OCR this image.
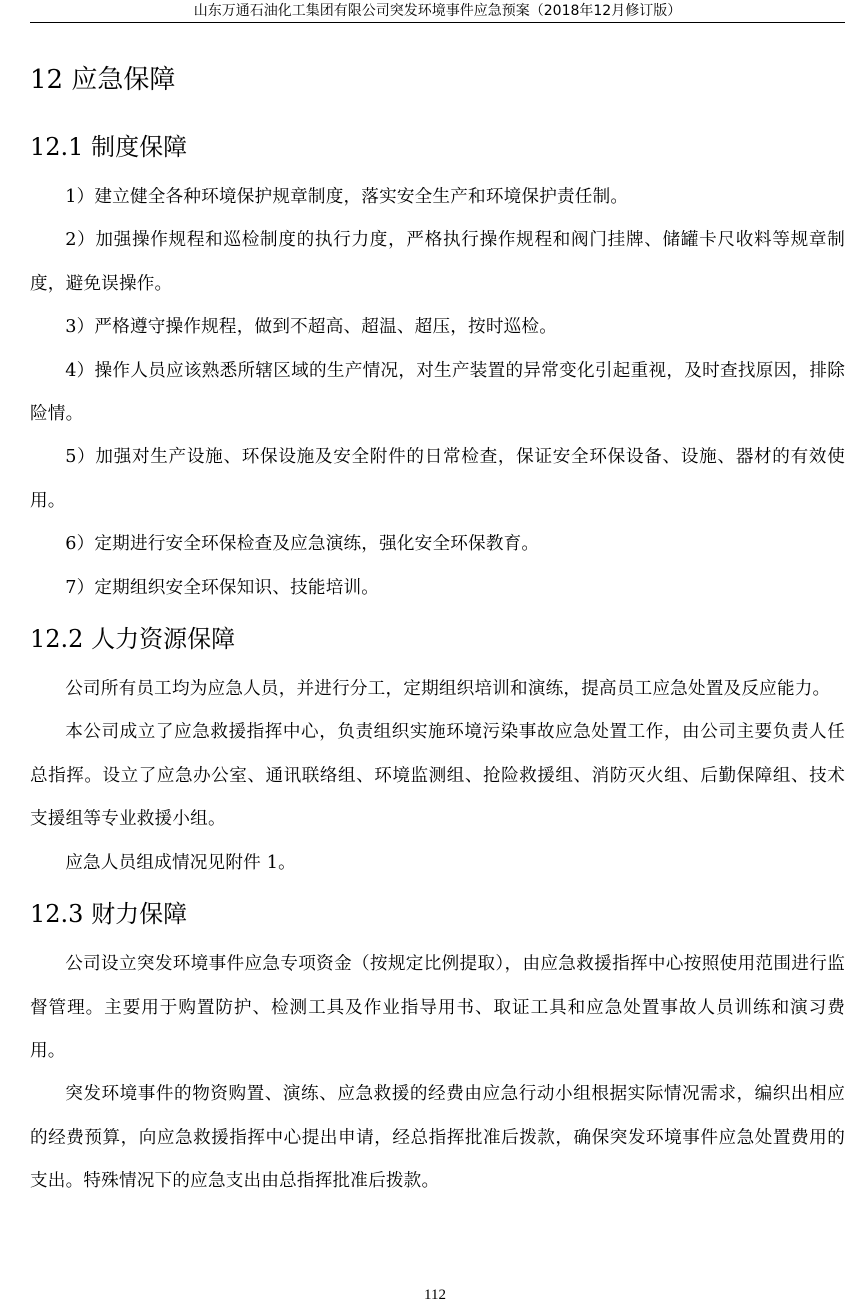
山东万通石油化工集团有限公司突发环境事件应急预案（2018年12月修订版）
12 应急保障
12.1 制度保障

1）建立健全各种环境保护规章制度，落实安全生产和环境保护责任制。

2）加强操作规程和巡检制度的执行力度，严格执行操作规程和阀门挂牌、储罐卡尺收料等规章制度，避免误操作。

3）严格遵守操作规程，做到不超高、超温、超压，按时巡检。

4）操作人员应该熟悉所辖区域的生产情况，对生产装置的异常变化引起重视，及时查找原因，排除险情。

5）加强对生产设施、环保设施及安全附件的日常检查，保证安全环保设备、设施、器材的有效使用。

6）定期进行安全环保检查及应急演练，强化安全环保教育。

7）定期组织安全环保知识、技能培训。

12.2 人力资源保障

公司所有员工均为应急人员，并进行分工，定期组织培训和演练，提高员工应急处置及反应能力。

本公司成立了应急救援指挥中心，负责组织实施环境污染事故应急处置工作，由公司主要负责人任总指挥。设立了应急办公室、通讯联络组、环境监测组、抢险救援组、消防灭火组、后勤保障组、技术支援组等专业救援小组。

应急人员组成情况见附件 1。

12.3 财力保障

公司设立突发环境事件应急专项资金（按规定比例提取），由应急救援指挥中心按照使用范围进行监督管理。主要用于购置防护、检测工具及作业指导用书、取证工具和应急处置事故人员训练和演习费用。

突发环境事件的物资购置、演练、应急救援的经费由应急行动小组根据实际情况需求，编织出相应的经费预算，向应急救援指挥中心提出申请，经总指挥批准后拨款，确保突发环境事件应急处置费用的支出。特殊情况下的应急支出由总指挥批准后拨款。

112
